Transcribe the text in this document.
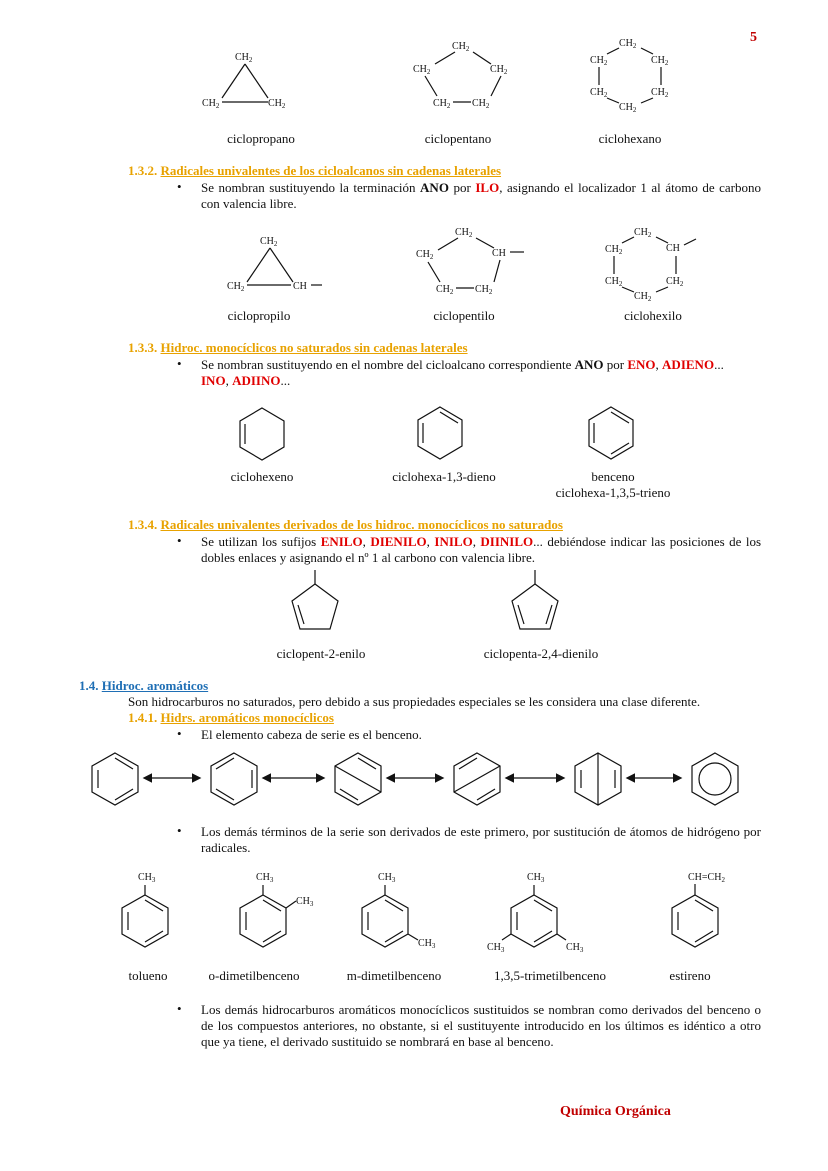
5
$CH_2$
$CH_2$	$CH_2$
$CH_2$
$CH_2$	$CH_2$
$CH_2$ $CH_2$
$CH_2$
$CH_2$	$CH_2$
$CH_2$	$CH_2$
$CH_2$
ciclopropano	ciclopentano	ciclohexano
1.3.2. Radicales univalentes de los cicloalcanos sin cadenas laterales
•	Se nombran sustituyendo la terminación ANO por ILO, asignando el localizador 1 al átomo de carbono con valencia libre.
$CH_2$
$CH_2$	CH
$CH_2$
$CH_2$	CH
$CH_2$ $CH_2$
$CH_2$
$CH_2$	CH
$CH_2$	$CH_2$
$CH_2$
ciclopropilo	ciclopentilo	ciclohexilo
1.3.3. Hidroc. monocíclicos no saturados sin cadenas laterales
•	Se nombran sustituyendo en el nombre del cicloalcano correspondiente ANO por ENO, ADIENO...
INO, ADIINO...
ciclohexeno	ciclohexa-1,3-dieno	benceno
ciclohexa-1,3,5-trieno
1.3.4. Radicales univalentes derivados de los hidroc. monocíclicos no saturados
•	Se utilizan los sufijos ENILO, DIENILO, INILO, DIINILO... debiéndose indicar las posiciones de los dobles enlaces y asignando el nº 1 al carbono con valencia libre.
ciclopent-2-enilo	ciclopenta-2,4-dienilo
1.4. Hidroc. aromáticos
Son hidrocarburos no saturados, pero debido a sus propiedades especiales se les considera una clase diferente.
1.4.1. Hidrs. aromáticos monocíclicos
•	El elemento cabeza de serie es el benceno.
•	Los demás términos de la serie son derivados de este primero, por sustitución de átomos de hidrógeno por radicales.
$CH_3$	$CH_3$
$CH_3$
$CH_3$
$CH_3$
$CH_3$
$CH_3$	$CH_3$
$CH=CH_2$
tolueno	o-dimetilbenceno	m-dimetilbenceno	1,3,5-trimetilbenceno	estireno
•	Los demás hidrocarburos aromáticos monocíclicos sustituidos se nombran como derivados del benceno o de los compuestos anteriores, no obstante, si el sustituyente introducido en los últimos es idéntico a otro que ya tiene, el derivado sustituido se nombrará en base al benceno.
Química Orgánica
